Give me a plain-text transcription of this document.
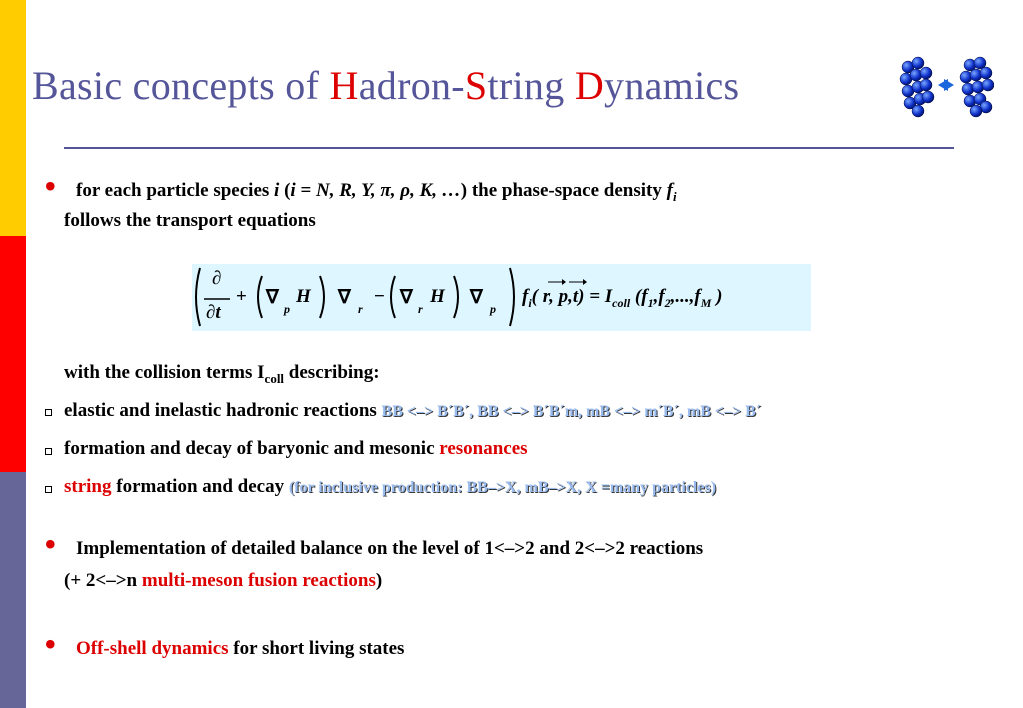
Basic concepts of Hadron-String Dynamics
• for each particle species i (i = N, R, Y, π, ρ, K, …) the phase-space density $f_i$
follows the transport equations
∂
∂t
+ ∇
p
H ∇
r
− ∇
r
H ∇
p
$f_i$( r, $p,t) = I_{coll}$ ($f_1,f_2,...,f_M$ )
with the collision terms $I_{coll}$ describing:
elastic and inelastic hadronic reactions BB <–> B´B´, BB <–> B´B´m, mB <–> m´B´, mB <–> B´
formation and decay of baryonic and mesonic resonances
string formation and decay (for inclusive production: BB–>X, mB–>X, X =many particles)
• Implementation of detailed balance on the level of 1<–>2 and 2<–>2 reactions
(+ 2<–>n multi-meson fusion reactions)
• Off-shell dynamics for short living states
